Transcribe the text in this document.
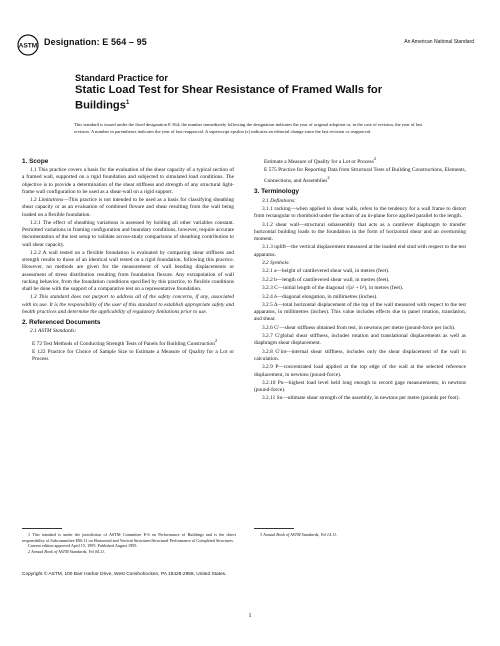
ASTM Designation: E 564 – 95	An American National Standard
Standard Practice for
Static Load Test for Shear Resistance of Framed Walls for
Buildings$^1$
This standard is issued under the fixed designation E 564; the number immediately following the designation indicates the year of original adoption or, in the case of revision, the year of last revision. A number in parentheses indicates the year of last reapproval. A superscript epsilon (ε) indicates an editorial change since the last revision or reapproval.
1. Scope

1.1 This practice covers a basis for the evaluation of the shear capacity of a typical section of a framed wall, supported on a rigid foundation and subjected to simulated load conditions. The objective is to provide a determination of the shear stiffness and strength of any structural light-frame wall configuration to be used as a shear-wall on a rigid support.

1.2 Limitations—This practice is not intended to be used as a basis for classifying sheathing shear capacity or as an evaluation of combined flexure and shear resulting from the wall being loaded on a flexible foundation.

1.2.1 The effect of sheathing variations is assessed by holding all other variables constant. Permitted variations in framing configuration and boundary conditions, however, require accurate documentation of the test setup to validate across-study comparisons of sheathing contribution to wall shear capacity.

1.2.2 A wall tested on a flexible foundation is evaluated by comparing shear stiffness and strength results to those of an identical wall tested on a rigid foundation, following this practice. However, no methods are given for the measurement of wall bending displacements or assessment of stress distribution resulting from foundation flexure. Any extrapolation of wall racking behavior, from the foundation conditions specified by this practice, to flexible conditions shall be done with the support of a comparative test on a representative foundation.

1.3 This standard does not purport to address all of the safety concerns, if any, associated with its use. It is the responsibility of the user of this standard to establish appropriate safety and health practices and determine the applicability of regulatory limitations prior to use.

2. Referenced Documents

2.1 ASTM Standards:

E 72 Test Methods of Conducting Strength Tests of Panels for Building Construction$^2$

E 122 Practice for Choice of Sample Size to Estimate a Measure of Quality for a Lot or Process

Estimate a Measure of Quality for a Lot or Process$^2$

E 575 Practice for Reporting Data from Structural Tests of Building Constructions, Elements, Connections, and Assemblies$^2$

3. Terminology

3.1 Definitions:

3.1.1 racking—when applied to shear walls, refers to the tendency for a wall frame to distort from rectangular to rhomboid under the action of an in-plane force applied parallel to the length.

3.1.2 shear wall—structural subassembly that acts as a cantilever diaphragm to transfer horizontal building loads to the foundation in the form of horizontal shear and an overturning moment.

3.1.3 uplift—the vertical displacement measured at the loaded end stud with respect to the test apparatus.

3.2 Symbols:

3.2.1 a—height of cantilevered shear wall, in metres (feet).

3.2.2 b—length of cantilevered shear wall, in metres (feet).

3.2.3 C—initial length of the diagonal √(a² + b²), in metres (feet).

3.2.4 δ—diagonal elongation, in millimetres (inches).

3.2.5 Δ—total horizontal displacement of the top of the wall measured with respect to the test apparatus, in millimetres (inches). This value includes effects due to panel rotation, translation, and shear.

3.2.6 G′—shear stiffness obtained from test, in newtons per metre (pound-force per inch).

3.2.7 G′global shear stiffness, includes rotation and translational displacements as well as diaphragm shear displacement.

3.2.8 G′int—internal shear stiffness, includes only the shear displacement of the wall in calculation.

3.2.9 P—concentrated load applied at the top edge of the wall at the selected reference displacement, in newtons (pound-force).

3.2.10 Pu—highest load level held long enough to record gage measurements, in newtons (pound-force).

3.2.11 Su—ultimate shear strength of the assembly, in newtons per metre (pounds per foot).

1 This standard is under the jurisdiction of ASTM Committee E-6 on Performance of Buildings and is the direct responsibility of Subcommittee E06.11 on Horizontal and Vertical Structures/Structural Performance of Completed Structures.

Current edition approved April 15, 1995. Published August 1995.

2 Annual Book of ASTM Standards, Vol 04.11.

3 Annual Book of ASTM Standards, Vol 14.11.

Copyright © ASTM, 100 Barr Harbor Drive, West Conshohocken, PA 19428-2959, United States.
1
